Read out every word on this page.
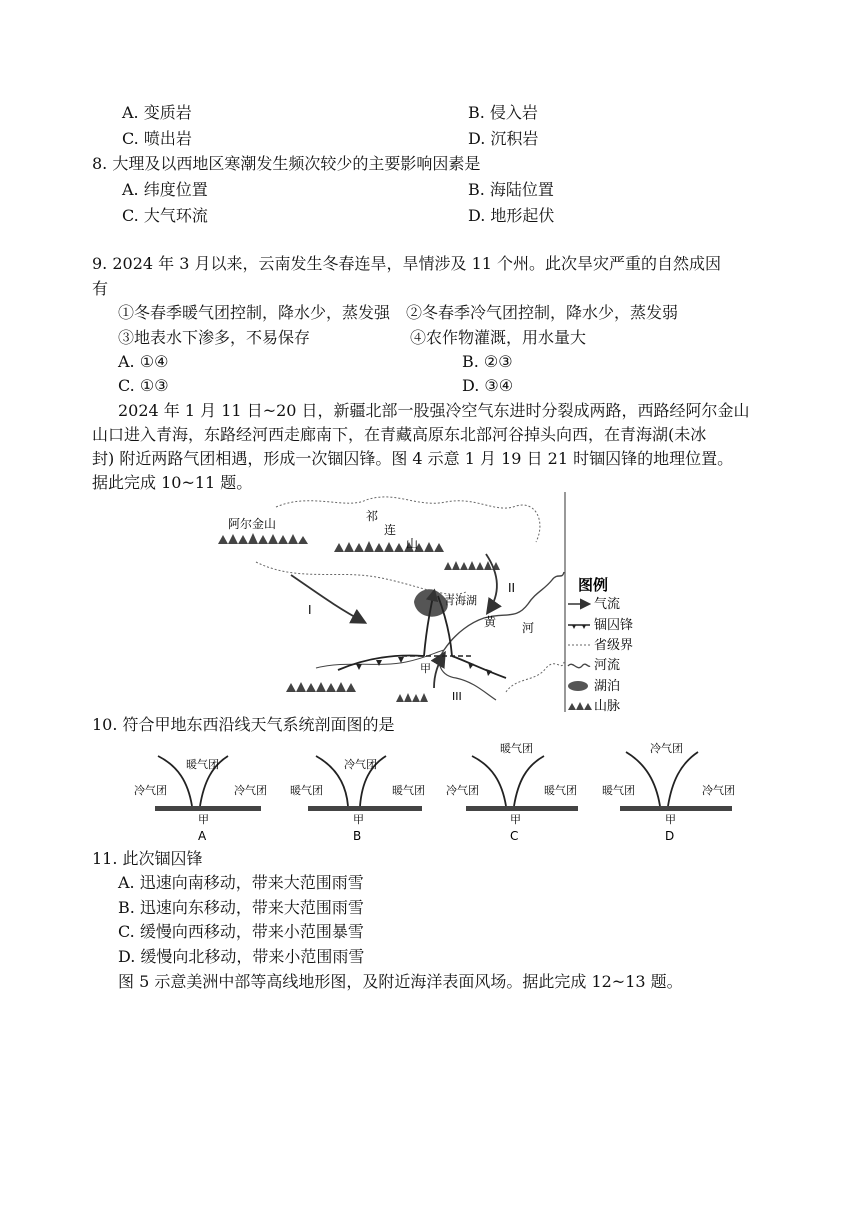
A. 变质岩	B. 侵入岩
C. 喷出岩	D. 沉积岩
8. 大理及以西地区寒潮发生频次较少的主要影响因素是
A. 纬度位置	B. 海陆位置
C. 大气环流	D. 地形起伏
9. 2024 年 3 月以来，云南发生冬春连旱，旱情涉及 11 个州。此次旱灾严重的自然成因
有
①冬春季暖气团控制，降水少，蒸发强 ②冬春季冷气团控制，降水少，蒸发弱
③地表水下渗多，不易保存	④农作物灌溉，用水量大
A. ①④	B. ②③
C. ①③	D. ③④
2024 年 1 月 11 日~20 日，新疆北部一股强冷空气东进时分裂成两路，西路经阿尔金山
山口进入青海，东路经河西走廊南下，在青藏高原东北部河谷掉头向西，在青海湖(未冰
封) 附近两路气团相遇，形成一次锢囚锋。图 4 示意 1 月 19 日 21 时锢囚锋的地理位置。
据此完成 10~11 题。
阿尔金山
祁
连
山
青海湖
黄 河
甲
I
II
III
图例
气流
锢囚锋
省级界
河流
湖泊
山脉
10. 符合甲地东西沿线天气系统剖面图的是
暖气团
冷气团	冷气团
甲
A
冷气团
暖气团	暖气团
甲
B
暖气团
冷气团	暖气团
甲
C
冷气团
暖气团	冷气团
甲
D
11. 此次锢囚锋
A. 迅速向南移动，带来大范围雨雪
B. 迅速向东移动，带来大范围雨雪
C. 缓慢向西移动，带来小范围暴雪
D. 缓慢向北移动，带来小范围雨雪
图 5 示意美洲中部等高线地形图，及附近海洋表面风场。据此完成 12~13 题。
